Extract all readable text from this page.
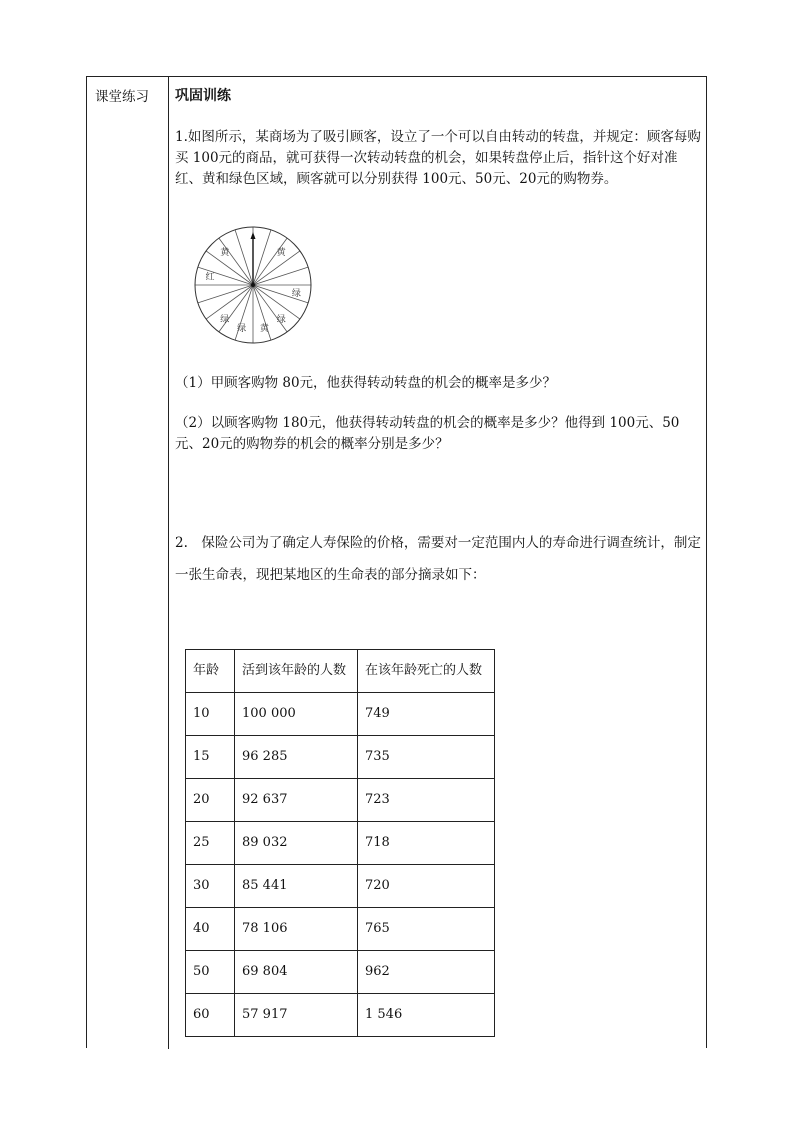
课堂练习 巩固训练
1.如图所示，某商场为了吸引顾客，设立了一个可以自由转动的转盘，并规定：顾客每购买 100元的商品，就可获得一次转动转盘的机会，如果转盘停止后，指针这个好对准红、黄和绿色区域，顾客就可以分别获得 100元、50元、20元的购物券。
黄	黄
红
绿
绿
绿 黄
绿
（1）甲顾客购物 80元，他获得转动转盘的机会的概率是多少？
（2）以顾客购物 180元，他获得转动转盘的机会的概率是多少？他得到 100元、50元、20元的购物券的机会的概率分别是多少？
2.　保险公司为了确定人寿保险的价格，需要对一定范围内人的寿命进行调查统计，制定一张生命表，现把某地区的生命表的部分摘录如下：
年龄	活到该年龄的人数	在该年龄死亡的人数
10	100 000	749
15	96 285	735
20	92 637	723
25	89 032	718
30	85 441	720
40	78 106	765
50	69 804	962
60	57 917	1 546
